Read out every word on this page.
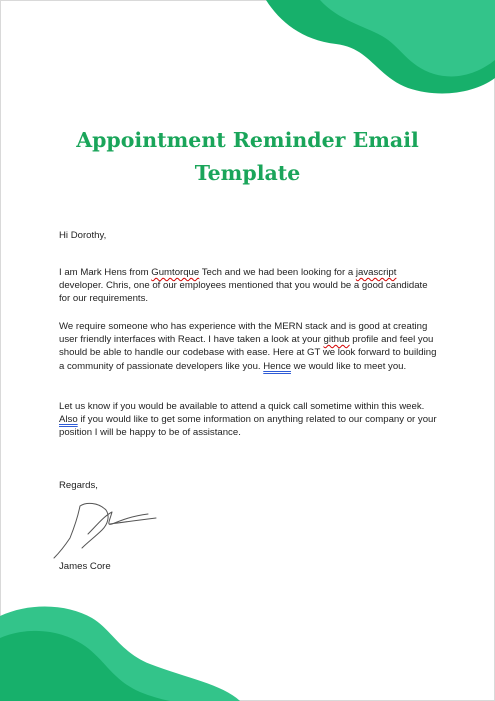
Appointment Reminder Email Template

Hi Dorothy,

I am Mark Hens from Gumtorque Tech and we had been looking for a javascript developer. Chris, one of our employees mentioned that you would be a good candidate for our requirements.

We require someone who has experience with the MERN stack and is good at creating user friendly interfaces with React. I have taken a look at your github profile and feel you should be able to handle our codebase with ease. Here at GT we look forward to building a community of passionate developers like you. Hence we would like to meet you.

Let us know if you would be available to attend a quick call sometime within this week. Also if you would like to get some information on anything related to our company or your position I will be happy to be of assistance.

Regards,

James Core
